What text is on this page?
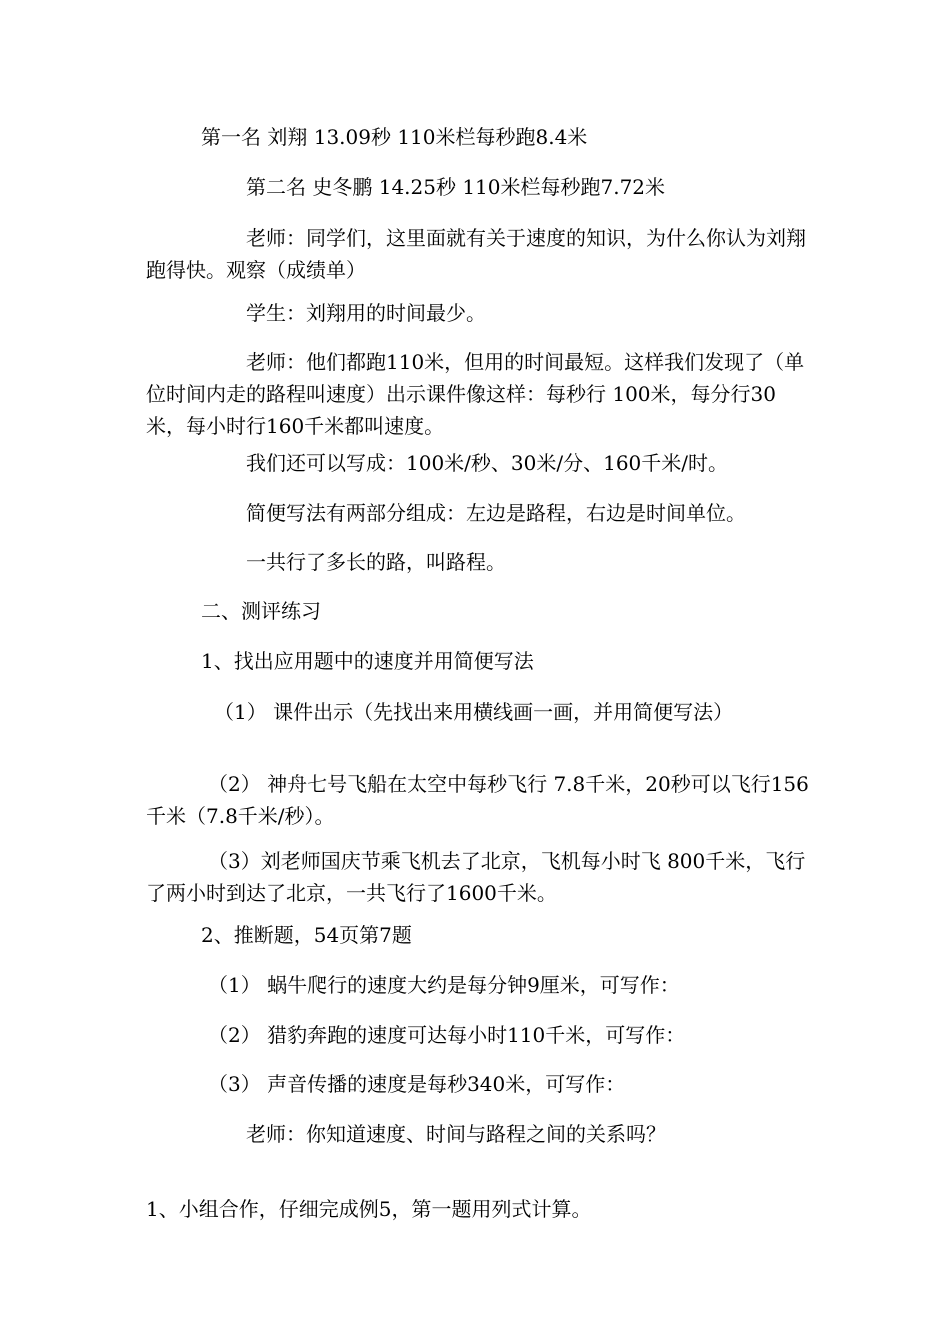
第一名 刘翔 13.09秒 110米栏每秒跑8.4米

第二名 史冬鹏 14.25秒 110米栏每秒跑7.72米

老师：同学们，这里面就有关于速度的知识，为什么你认为刘翔跑得快。观察（成绩单）

学生：刘翔用的时间最少。

老师：他们都跑110米，但用的时间最短。这样我们发现了（单位时间内走的路程叫速度）出示课件像这样：每秒行 100米，每分行30米，每小时行160千米都叫速度。

我们还可以写成：100米/秒、30米/分、160千米/时。

简便写法有两部分组成：左边是路程，右边是时间单位。

一共行了多长的路，叫路程。

二、测评练习

1、找出应用题中的速度并用简便写法

（1） 课件出示（先找出来用横线画一画，并用简便写法）

（2） 神舟七号飞船在太空中每秒飞行 7.8千米，20秒可以飞行156千米（7.8千米/秒）。

（3）刘老师国庆节乘飞机去了北京，飞机每小时飞 800千米，飞行了两小时到达了北京，一共飞行了1600千米。

2、推断题，54页第7题

（1） 蜗牛爬行的速度大约是每分钟9厘米，可写作：

（2） 猎豹奔跑的速度可达每小时110千米，可写作：

（3） 声音传播的速度是每秒340米，可写作：

老师：你知道速度、时间与路程之间的关系吗？

1、小组合作，仔细完成例5，第一题用列式计算。
